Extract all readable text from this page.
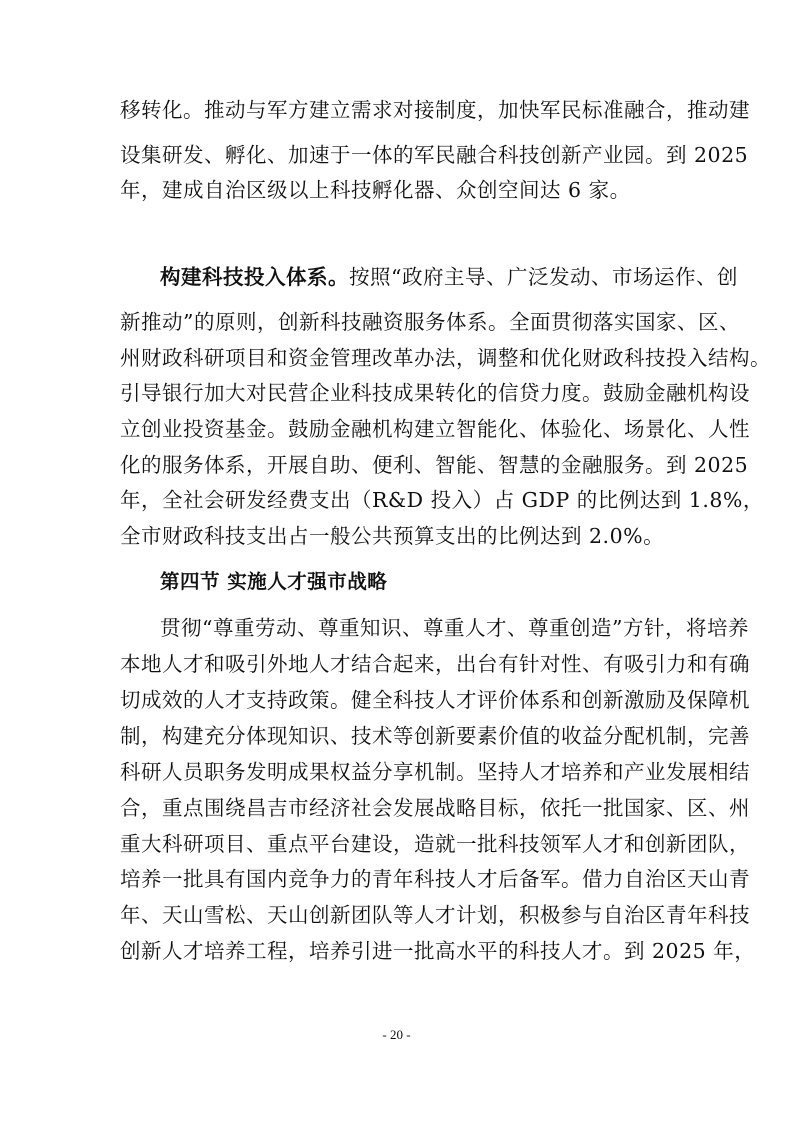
移转化。推动与军方建立需求对接制度，加快军民标准融合，推动建
设集研发、孵化、加速于一体的军民融合科技创新产业园。到 2025
年，建成自治区级以上科技孵化器、众创空间达 6 家。
构建科技投入体系。按照“政府主导、广泛发动、市场运作、创
新推动”的原则，创新科技融资服务体系。全面贯彻落实国家、区、
州财政科研项目和资金管理改革办法，调整和优化财政科技投入结构。
引导银行加大对民营企业科技成果转化的信贷力度。鼓励金融机构设
立创业投资基金。鼓励金融机构建立智能化、体验化、场景化、人性
化的服务体系，开展自助、便利、智能、智慧的金融服务。到 2025
年，全社会研发经费支出（R&D 投入）占 GDP 的比例达到 1.8%，
全市财政科技支出占一般公共预算支出的比例达到 2.0%。
第四节 实施人才强市战略
贯彻“尊重劳动、尊重知识、尊重人才、尊重创造”方针，将培养
本地人才和吸引外地人才结合起来，出台有针对性、有吸引力和有确
切成效的人才支持政策。健全科技人才评价体系和创新激励及保障机
制，构建充分体现知识、技术等创新要素价值的收益分配机制，完善
科研人员职务发明成果权益分享机制。坚持人才培养和产业发展相结
合，重点围绕昌吉市经济社会发展战略目标，依托一批国家、区、州
重大科研项目、重点平台建设，造就一批科技领军人才和创新团队，
培养一批具有国内竞争力的青年科技人才后备军。借力自治区天山青
年、天山雪松、天山创新团队等人才计划，积极参与自治区青年科技
创新人才培养工程，培养引进一批高水平的科技人才。到 2025 年，
- 20 -
